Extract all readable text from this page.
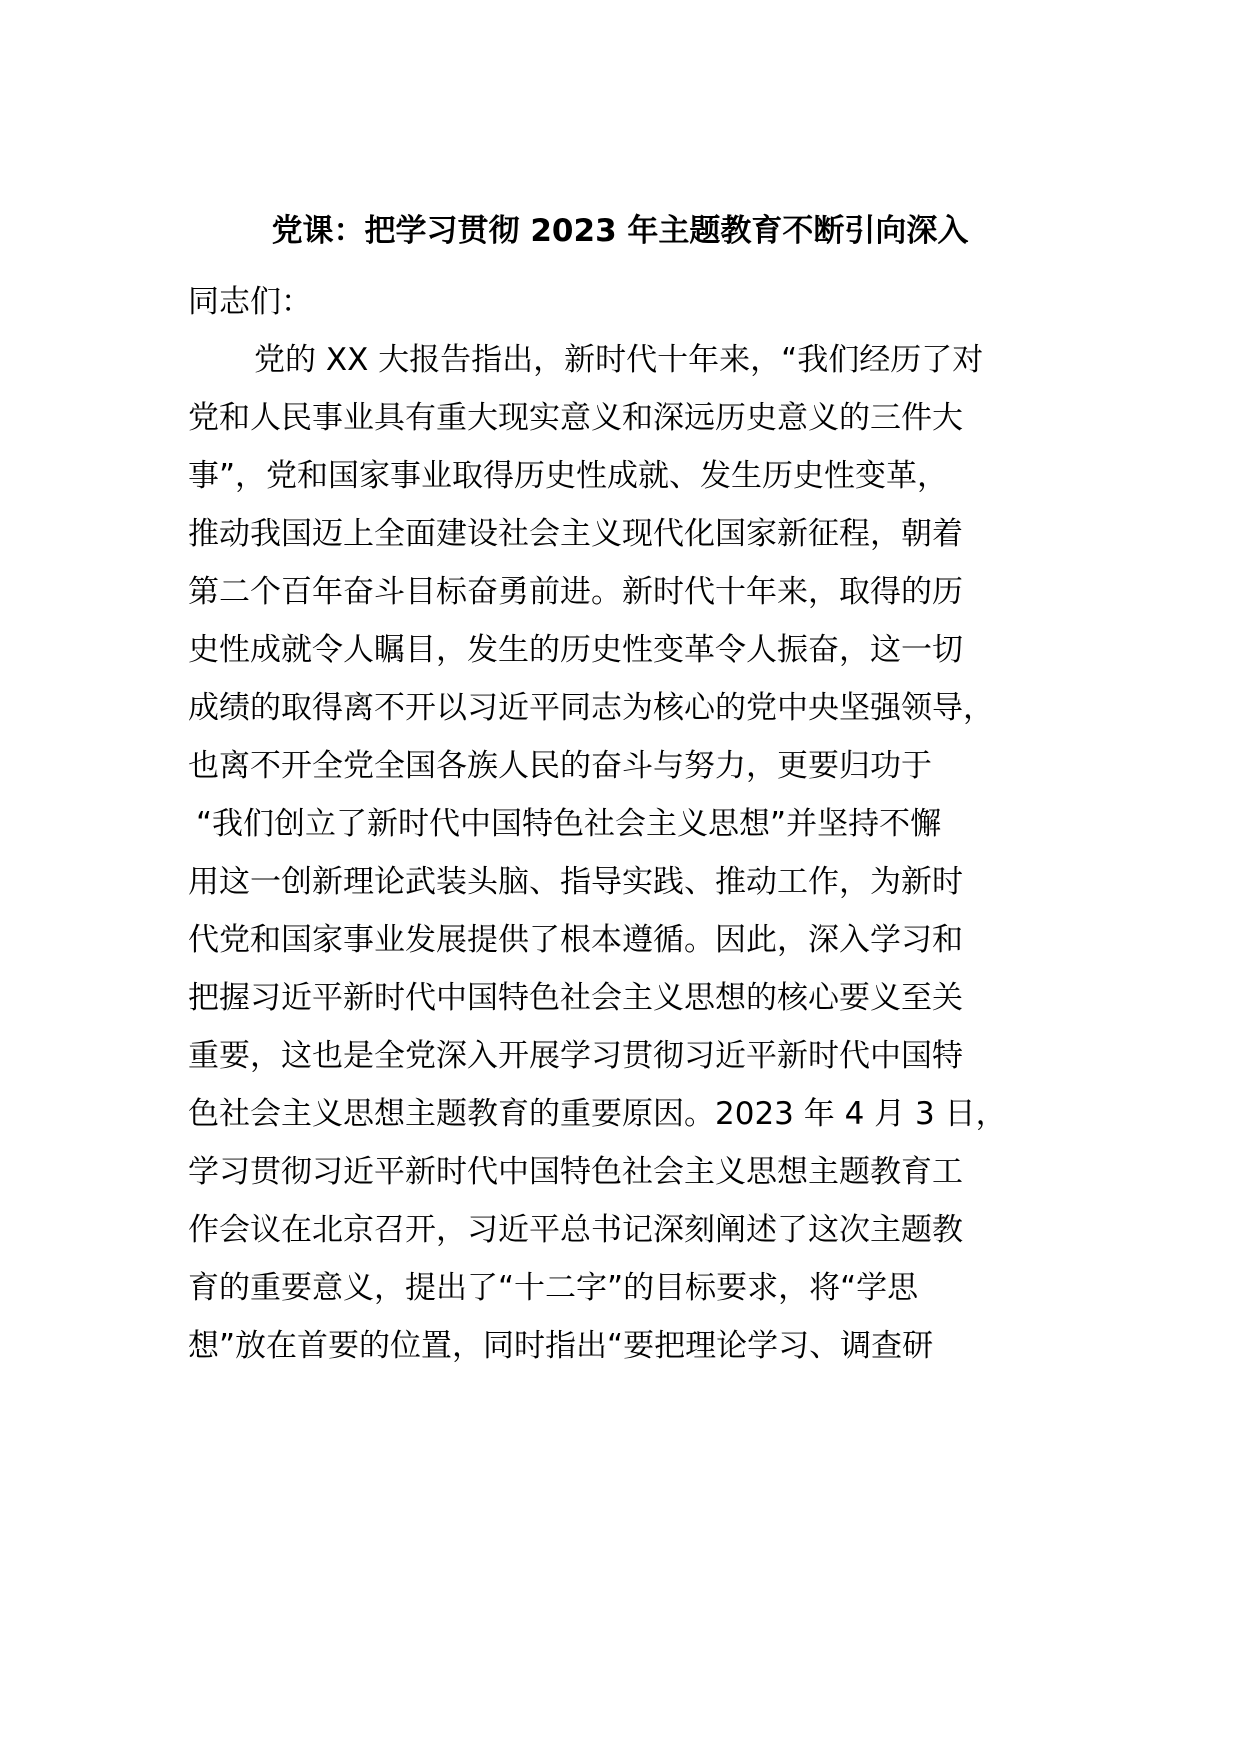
党课：把学习贯彻 2023 年主题教育不断引向深入
同志们：
党的 XX 大报告指出，新时代十年来，“我们经历了对
党和人民事业具有重大现实意义和深远历史意义的三件大
事”，党和国家事业取得历史性成就、发生历史性变革，
推动我国迈上全面建设社会主义现代化国家新征程，朝着
第二个百年奋斗目标奋勇前进。新时代十年来，取得的历
史性成就令人瞩目，发生的历史性变革令人振奋，这一切
成绩的取得离不开以习近平同志为核心的党中央坚强领导，
也离不开全党全国各族人民的奋斗与努力，更要归功于
“我们创立了新时代中国特色社会主义思想”并坚持不懈
用这一创新理论武装头脑、指导实践、推动工作，为新时
代党和国家事业发展提供了根本遵循。因此，深入学习和
把握习近平新时代中国特色社会主义思想的核心要义至关
重要，这也是全党深入开展学习贯彻习近平新时代中国特
色社会主义思想主题教育的重要原因。2023 年 4 月 3 日，
学习贯彻习近平新时代中国特色社会主义思想主题教育工
作会议在北京召开，习近平总书记深刻阐述了这次主题教
育的重要意义，提出了“十二字”的目标要求，将“学思
想”放在首要的位置，同时指出“要把理论学习、调查研
